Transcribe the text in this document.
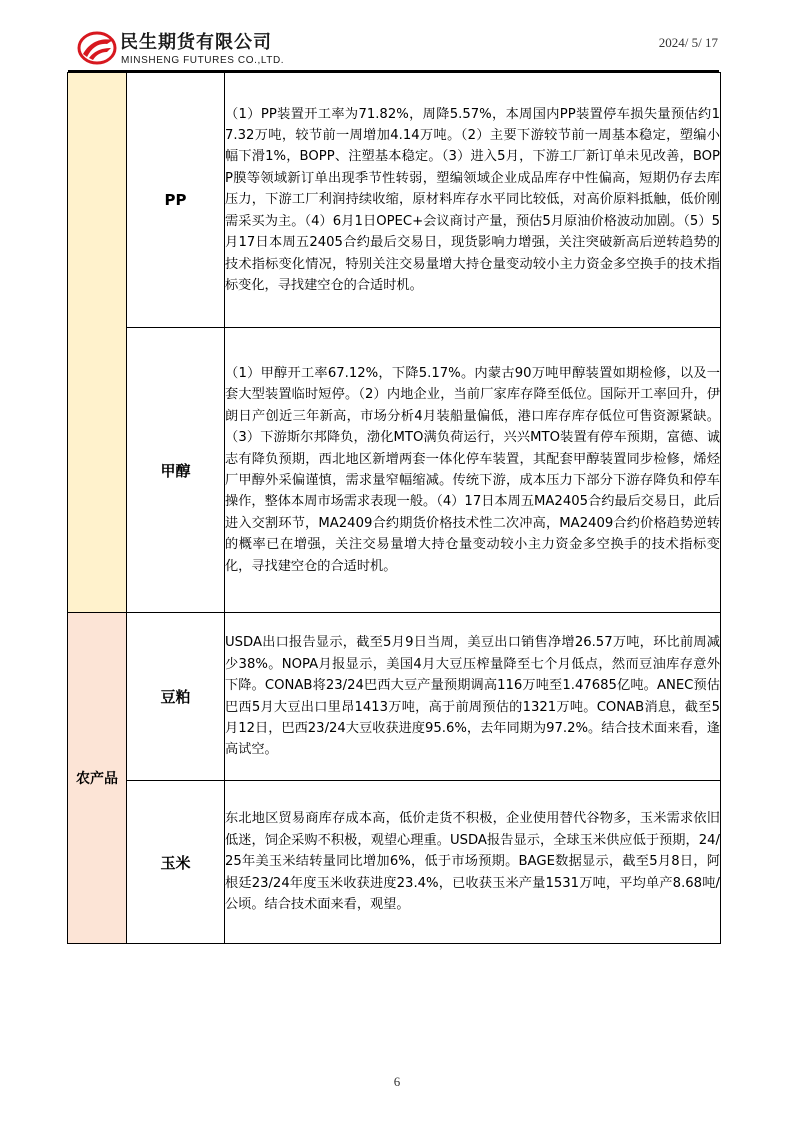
民生期货有限公司
MINSHENG FUTURES CO.,LTD.
2024/ 5/ 17
	PP	（1）PP装置开工率为71.82%，周降5.57%，本周国内PP装置停车损失量预估约17.32万吨，较节前一周增加4.14万吨。（2）主要下游较节前一周基本稳定，塑编小幅下滑1%，BOPP、注塑基本稳定。（3）进入5月，下游工厂新订单未见改善，BOPP膜等领域新订单出现季节性转弱，塑编领域企业成品库存中性偏高，短期仍存去库压力，下游工厂利润持续收缩，原材料库存水平同比较低，对高价原料抵触，低价刚需采买为主。（4）6月1日OPEC+会议商讨产量，预估5月原油价格波动加剧。（5）5月17日本周五2405合约最后交易日，现货影响力增强，关注突破新高后逆转趋势的技术指标变化情况，特别关注交易量增大持仓量变动较小主力资金多空换手的技术指标变化，寻找建空仓的合适时机。
	甲醇	（1）甲醇开工率67.12%，下降5.17%。内蒙古90万吨甲醇装置如期检修，以及一套大型装置临时短停。（2）内地企业，当前厂家库存降至低位。国际开工率回升，伊朗日产创近三年新高，市场分析4月装船量偏低，港口库存库存低位可售资源紧缺。（3）下游斯尔邦降负，渤化MTO满负荷运行，兴兴MTO装置有停车预期，富德、诚志有降负预期，西北地区新增两套一体化停车装置，其配套甲醇装置同步检修，烯烃厂甲醇外采偏谨慎，需求量窄幅缩减。传统下游，成本压力下部分下游存降负和停车操作，整体本周市场需求表现一般。（4）17日本周五MA2405合约最后交易日，此后进入交割环节，MA2409合约期货价格技术性二次冲高，MA2409合约价格趋势逆转的概率已在增强，关注交易量增大持仓量变动较小主力资金多空换手的技术指标变化，寻找建空仓的合适时机。
农产品	豆粕	USDA出口报告显示，截至5月9日当周，美豆出口销售净增26.57万吨，环比前周减少38%。NOPA月报显示，美国4月大豆压榨量降至七个月低点，然而豆油库存意外下降。CONAB将23/24巴西大豆产量预期调高116万吨至1.47685亿吨。ANEC预估巴西5月大豆出口里昂1413万吨，高于前周预估的1321万吨。CONAB消息，截至5月12日，巴西23/24大豆收获进度95.6%，去年同期为97.2%。结合技术面来看，逢高试空。
	玉米	东北地区贸易商库存成本高，低价走货不积极，企业使用替代谷物多，玉米需求依旧低迷，饲企采购不积极，观望心理重。USDA报告显示，全球玉米供应低于预期，24/25年美玉米结转量同比增加6%，低于市场预期。BAGE数据显示，截至5月8日，阿根廷23/24年度玉米收获进度23.4%，已收获玉米产量1531万吨，平均单产8.68吨/公顷。结合技术面来看，观望。
6
